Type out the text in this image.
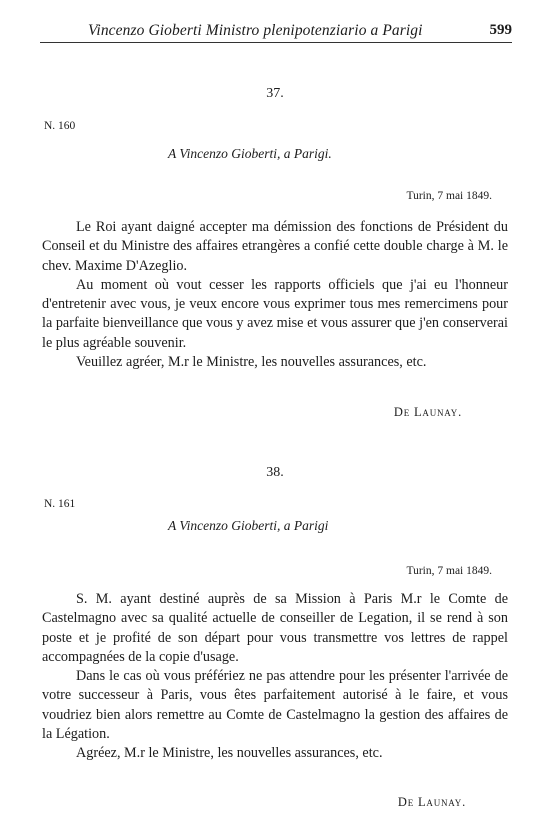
Vincenzo Gioberti Ministro plenipotenziario a Parigi	599
37.
N. 160
A Vincenzo Gioberti, a Parigi.
Turin, 7 mai 1849.

Le Roi ayant daigné accepter ma démission des fonctions de Président du Conseil et du Ministre des affaires etrangères a confié cette double charge à M. le chev. Maxime D'Azeglio.

Au moment où vout cesser les rapports officiels que j'ai eu l'honneur d'entretenir avec vous, je veux encore vous exprimer tous mes remercimens pour la parfaite bienveillance que vous y avez mise et vous assurer que j'en conserverai le plus agréable souvenir.

Veuillez agréer, M.r le Ministre, les nouvelles assurances, etc.

De Launay.
38.
N. 161
A Vincenzo Gioberti, a Parigi
Turin, 7 mai 1849.

S. M. ayant destiné auprès de sa Mission à Paris M.r le Comte de Castelmagno avec sa qualité actuelle de conseiller de Legation, il se rend à son poste et je profité de son départ pour vous transmettre vos lettres de rappel accompagnées de la copie d'usage.

Dans le cas où vous préfériez ne pas attendre pour les présenter l'arrivée de votre successeur à Paris, vous êtes parfaitement autorisé à le faire, et vous voudriez bien alors remettre au Comte de Castelmagno la gestion des affaires de la Légation.

Agréez, M.r le Ministre, les nouvelles assurances, etc.

De Launay.
